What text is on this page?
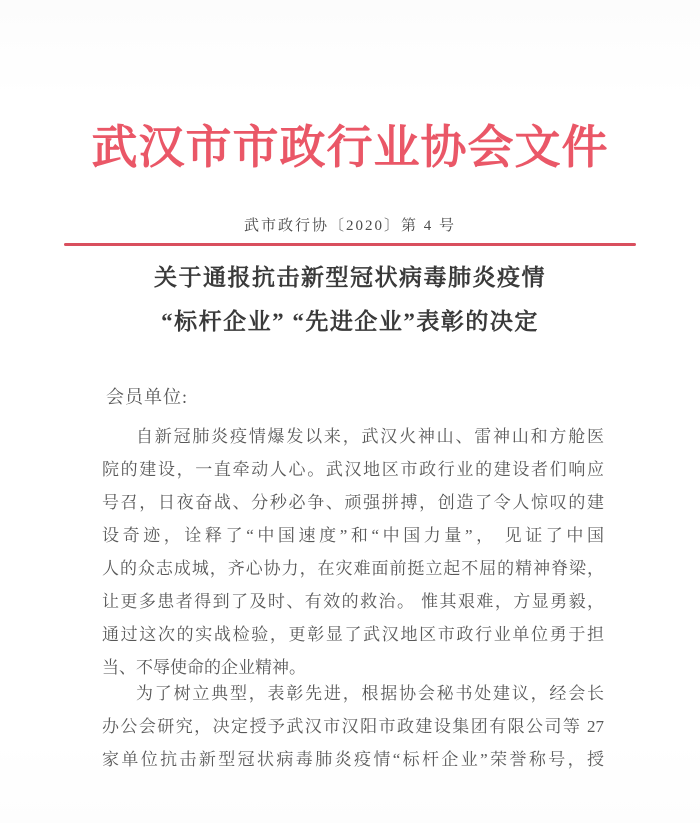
武汉市市政行业协会文件
武市政行协〔2020〕第 4 号
关于通报抗击新型冠状病毒肺炎疫情
“标杆企业” “先进企业”表彰的决定
会员单位:
自新冠肺炎疫情爆发以来，武汉火神山、雷神山和方舱医
院的建设，一直牵动人心。武汉地区市政行业的建设者们响应
号召，日夜奋战、分秒必争、顽强拼搏，创造了令人惊叹的建
设奇迹，诠释了“中国速度”和“中国力量”， 见证了中国
人的众志成城，齐心协力，在灾难面前挺立起不屈的精神脊梁，
让更多患者得到了及时、有效的救治。 惟其艰难，方显勇毅，
通过这次的实战检验，更彰显了武汉地区市政行业单位勇于担
当、不辱使命的企业精神。
为了树立典型，表彰先进，根据协会秘书处建议，经会长
办公会研究，决定授予武汉市汉阳市政建设集团有限公司等 27
家单位抗击新型冠状病毒肺炎疫情“标杆企业”荣誉称号，授
